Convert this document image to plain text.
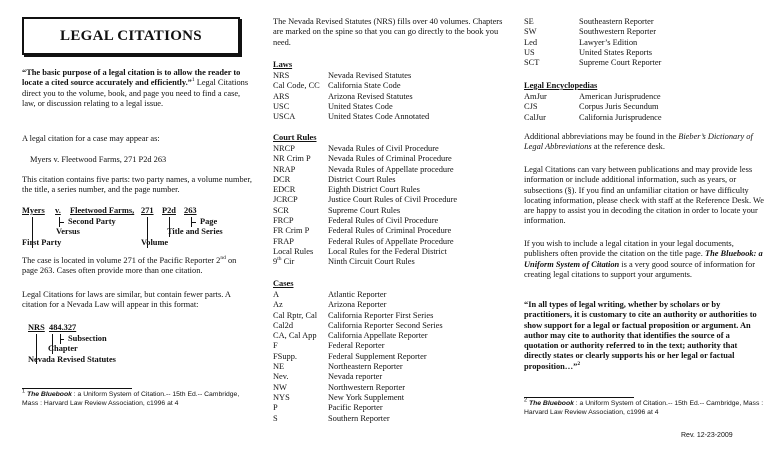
LEGAL CITATIONS
“The basic purpose of a legal citation is to allow the reader to locate a cited source accurately and efficiently.”$^1$ Legal Citations direct you to the volume, book, and page you need to find a case, law, or discussion relating to a legal issue.
A legal citation for a case may appear as:
Myers v. Fleetwood Farms, 271 P2d 263
This citation contains five parts: two party names, a volume number, the title, a series number, and the page number.
Myers v. Fleetwood Farms, 271 P2d 263
Second Party	Page
Versus	Title and Series
First Party	Volume
The case is located in volume 271 of the Pacific Reporter 2nd on page 263. Cases often provide more than one citation.
Legal Citations for laws are similar, but contain fewer parts. A citation for a Nevada Law will appear in this format:
NRS 484.327
Subsection
Chapter
Nevada Revised Statutes
$^1$ The Bluebook : a Uniform System of Citation.-- 15th Ed.-- Cambridge, Mass : Harvard Law Review Association, c1996 at 4
The Nevada Revised Statutes (NRS) fills over 40 volumes. Chapters are marked on the spine so that you can go directly to the book you need.
Laws
NRS	Nevada Revised Statutes
Cal Code, CC California State Code
ARS	Arizona Revised Statutes
USC	United States Code
USCA	United States Code Annotated
Court Rules
NRCP	Nevada Rules of Civil Procedure
NR Crim P	Nevada Rules of Criminal Procedure
NRAP	Nevada Rules of Appellate procedure
DCR	District Court Rules
EDCR	Eighth District Court Rules
JCRCP	Justice Court Rules of Civil Procedure
SCR	Supreme Court Rules
FRCP	Federal Rules of Civil Procedure
FR Crim P	Federal Rules of Criminal Procedure
FRAP	Federal Rules of Appellate Procedure
Local Rules	Local Rules for the Federal District
9th Cir	Ninth Circuit Court Rules
Cases
A	Atlantic Reporter
Az	Arizona Reporter
Cal Rptr, Cal	California Reporter First Series
Cal2d	California Reporter Second Series
CA, Cal App	California Appellate Reporter
F	Federal Reporter
FSupp.	Federal Supplement Reporter
NE	Northeastern Reporter
Nev.	Nevada reporter
NW	Northwestern Reporter
NYS	New York Supplement
P	Pacific Reporter
S	Southern Reporter
SE	Southeastern Reporter
SW	Southwestern Reporter
Led	Lawyer’s Edition
US	United States Reports
SCT	Supreme Court Reporter
Legal Encyclopedias
AmJur	American Jurisprudence
CJS	Corpus Juris Secundum
CalJur	California Jurisprudence
Additional abbreviations may be found in the Bieber’s Dictionary of Legal Abbreviations at the reference desk.
Legal Citations can vary between publications and may provide less information or include additional information, such as years, or subsections (§). If you find an unfamiliar citation or have difficulty locating information, please check with staff at the Reference Desk. We are happy to assist you in decoding the citation in order to locate your information.
If you wish to include a legal citation in your legal documents, publishers often provide the citation on the title page. The Bluebook: a Uniform System of Citation is a very good source of information for creating legal citations to support your arguments.
“In all types of legal writing, whether by scholars or by practitioners, it is customary to cite an authority or authorities to show support for a legal or factual proposition or argument. An author may cite to authority that identifies the source of a quotation or authority referred to in the text; authority that directly states or clearly supports his or her legal or factual proposition…”$^2$
$^2$ The Bluebook : a Uniform System of Citation.-- 15th Ed.-- Cambridge, Mass : Harvard Law Review Association, c1996 at 4
Rev. 12-23-2009
